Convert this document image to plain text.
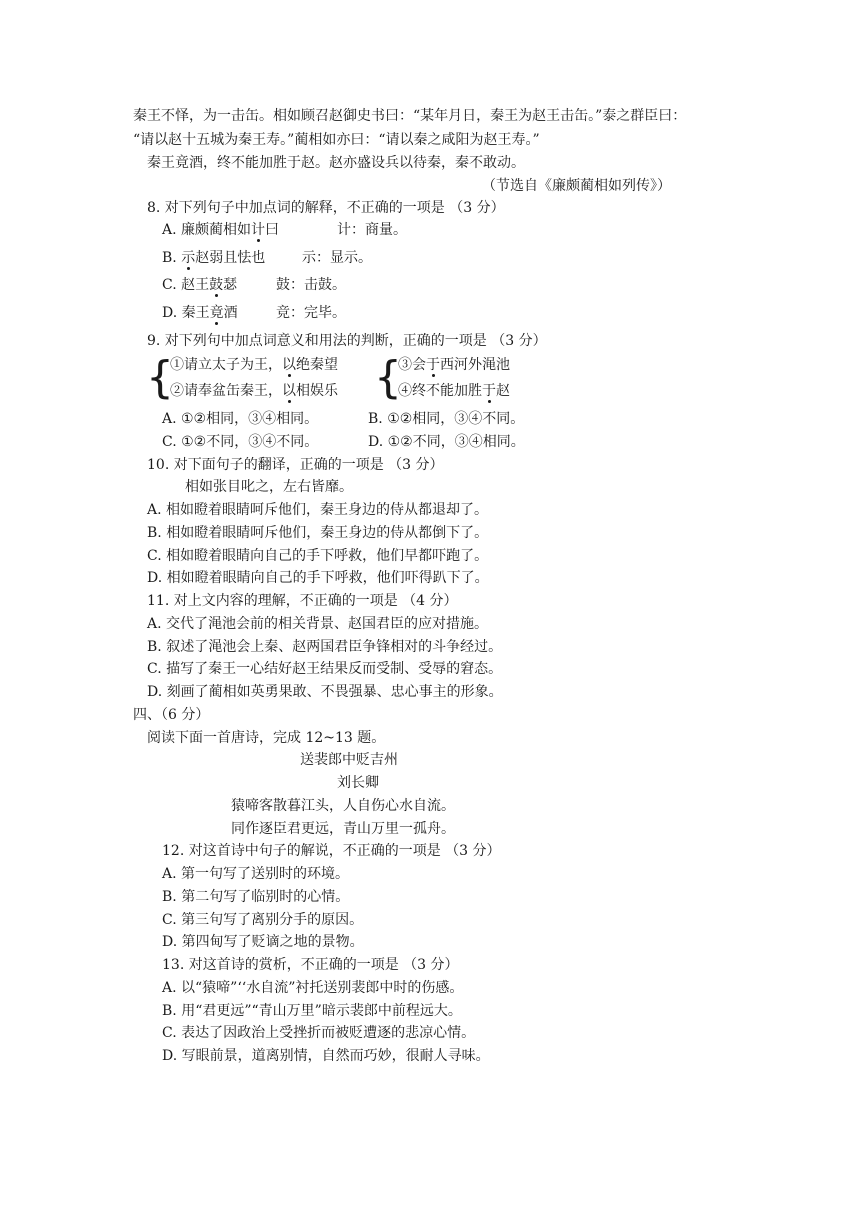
秦王不怿，为一击缶。相如顾召赵御史书曰：“某年月日，秦王为赵王击缶。”泰之群臣曰：
“请以赵十五城为秦王寿。”蔺相如亦曰：“请以秦之咸阳为赵王寿。”
秦王竟酒，终不能加胜于赵。赵亦盛设兵以待秦，秦不敢动。
（节选自《廉颇蔺相如列传》）
8. 对下列句子中加点词的解释，不正确的一项是 （3 分）
A. 廉颇蔺相如计曰	计：商量。
B. 示赵弱且怯也	示：显示。
C. 赵王鼓瑟	鼓：击鼓。
D. 秦王竟酒	竞：完毕。
9. 对下列句中加点词意义和用法的判断，正确的一项是 （3 分）
{
①请立太子为王，以绝秦望
②请奉盆缶秦王，以相娱乐 {
③会于西河外渑池
④终不能加胜于赵
A. ①②相同，③④相同。	B. ①②相同，③④不同。
C. ①②不同，③④不同。	D. ①②不同，③④相同。
10. 对下面句子的翻译，正确的一项是 （3 分）
相如张目叱之，左右皆靡。
A. 相如瞪着眼睛呵斥他们，秦王身边的侍从都退却了。
B. 相如瞪着眼睛呵斥他们，秦王身边的侍从都倒下了。
C. 相如瞪着眼睛向自己的手下呼救，他们早都吓跑了。
D. 相如瞪着眼睛向自己的手下呼救，他们吓得趴下了。
11. 对上文内容的理解，不正确的一项是 （4 分）
A. 交代了渑池会前的相关背景、赵国君臣的应对措施。
B. 叙述了渑池会上秦、赵两国君臣争锋相对的斗争经过。
C. 描写了秦王一心结好赵王结果反而受制、受辱的窘态。
D. 刻画了蔺相如英勇果敢、不畏强暴、忠心事主的形象。
四、（6 分）
阅读下面一首唐诗，完成 12~13 题。
送裴郎中贬吉州
刘长卿
猿啼客散暮江头，人自伤心水自流。
同作逐臣君更远，青山万里一孤舟。
12. 对这首诗中句子的解说，不正确的一项是 （3 分）
A. 第一句写了送别时的环境。
B. 第二句写了临别时的心情。
C. 第三句写了离别分手的原因。
D. 第四甸写了贬谪之地的景物。
13. 对这首诗的赏析，不正确的一项是 （3 分）
A. 以“猿啼”‘‘水自流”衬托送别裴郎中时的伤感。
B. 用“君更远”“青山万里”暗示裴郎中前程远大。
C. 表达了因政治上受挫折而被贬遭逐的悲凉心情。
D. 写眼前景，道离别情，自然而巧妙，很耐人寻味。
